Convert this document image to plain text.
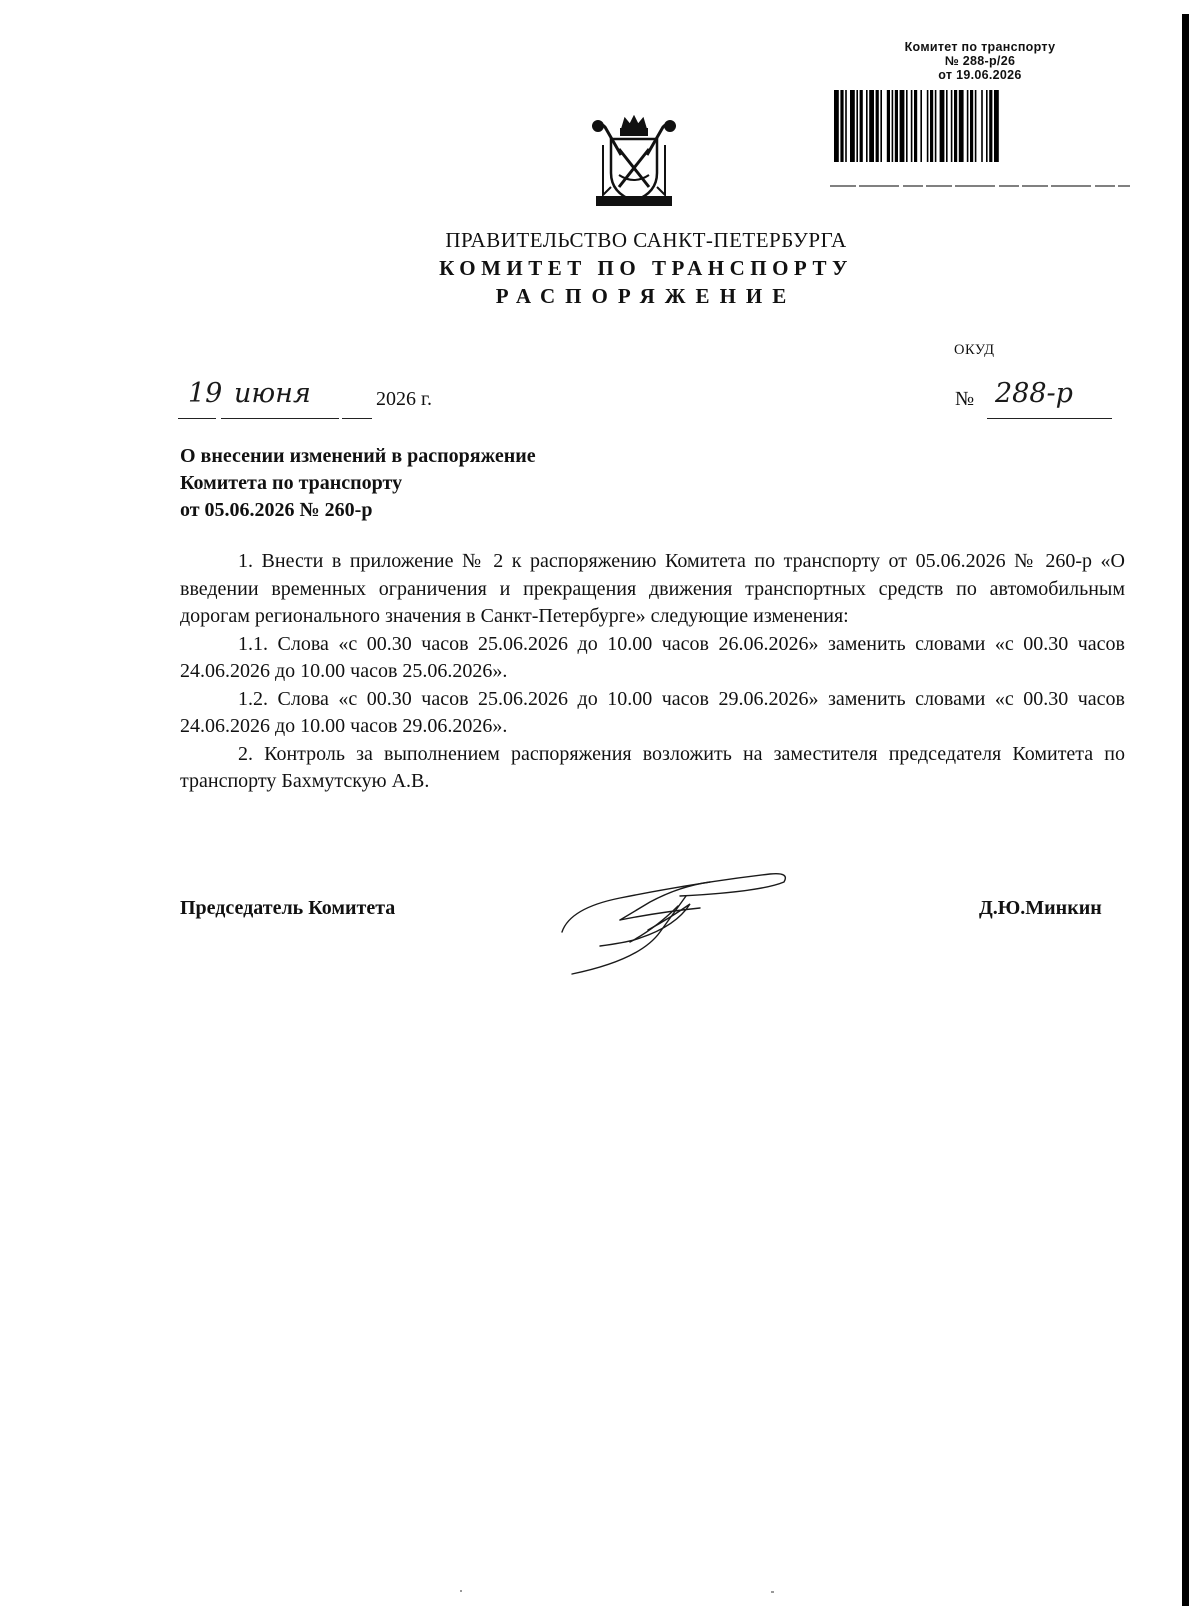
Комитет по транспорту
№ 288-р/26
от 19.06.2026
ПРАВИТЕЛЬСТВО САНКТ-ПЕТЕРБУРГА
КОМИТЕТ ПО ТРАНСПОРТУ
РАСПОРЯЖЕНИЕ
ОКУД
19 июня	2026 г.	№ 288-р
О внесении изменений в распоряжение
Комитета по транспорту
от 05.06.2026 № 260-р

1. Внести в приложение № 2 к распоряжению Комитета по транспорту от 05.06.2026 № 260-р «О введении временных ограничения и прекращения движения транспортных средств по автомобильным дорогам регионального значения в Санкт-Петербурге» следующие изменения:

1.1. Слова «с 00.30 часов 25.06.2026 до 10.00 часов 26.06.2026» заменить словами «с 00.30 часов 24.06.2026 до 10.00 часов 25.06.2026».

1.2. Слова «с 00.30 часов 25.06.2026 до 10.00 часов 29.06.2026» заменить словами «с 00.30 часов 24.06.2026 до 10.00 часов 29.06.2026».

2. Контроль за выполнением распоряжения возложить на заместителя председателя Комитета по транспорту Бахмутскую А.В.

Председатель Комитета	Д.Ю.Минкин
